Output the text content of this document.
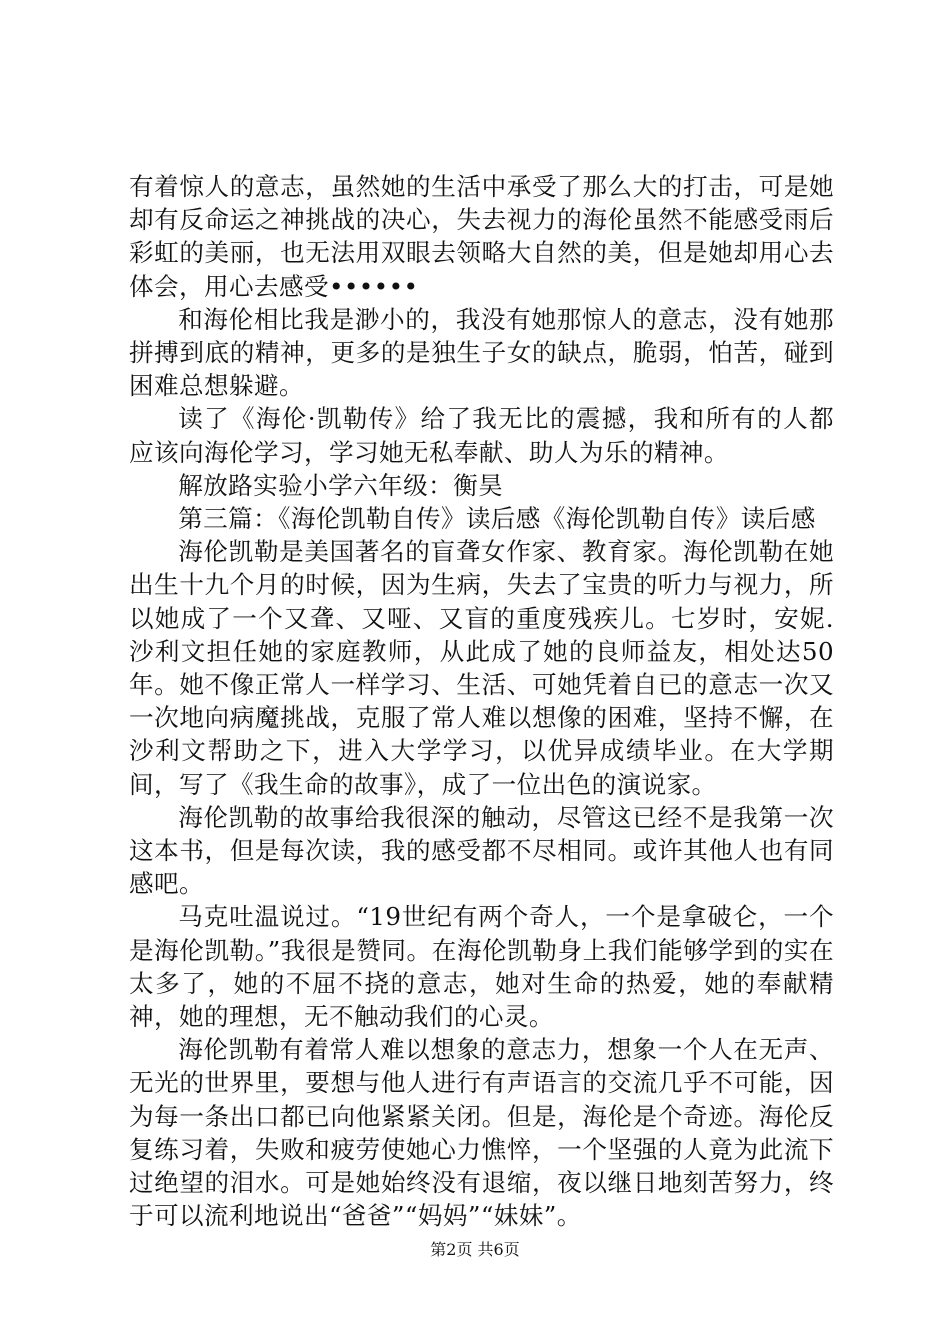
有着惊人的意志，虽然她的生活中承受了那么大的打击，可是她却有反命运之神挑战的决心，失去视力的海伦虽然不能感受雨后彩虹的美丽，也无法用双眼去领略大自然的美，但是她却用心去体会，用心去感受••••••

和海伦相比我是渺小的，我没有她那惊人的意志，没有她那拼搏到底的精神，更多的是独生子女的缺点，脆弱，怕苦，碰到困难总想躲避。

读了《海伦·凯勒传》给了我无比的震撼，我和所有的人都应该向海伦学习，学习她无私奉献、助人为乐的精神。

解放路实验小学六年级：衡昊

第三篇：《海伦凯勒自传》读后感《海伦凯勒自传》读后感

海伦凯勒是美国著名的盲聋女作家、教育家。海伦凯勒在她出生十九个月的时候，因为生病，失去了宝贵的听力与视力，所以她成了一个又聋、又哑、又盲的重度残疾儿。七岁时，安妮.沙利文担任她的家庭教师，从此成了她的良师益友，相处达50年。她不像正常人一样学习、生活、可她凭着自已的意志一次又一次地向病魔挑战，克服了常人难以想像的困难，坚持不懈，在沙利文帮助之下，进入大学学习，以优异成绩毕业。在大学期间，写了《我生命的故事》，成了一位出色的演说家。

海伦凯勒的故事给我很深的触动，尽管这已经不是我第一次这本书，但是每次读，我的感受都不尽相同。或许其他人也有同感吧。

马克吐温说过。“19世纪有两个奇人，一个是拿破仑，一个是海伦凯勒。”我很是赞同。在海伦凯勒身上我们能够学到的实在太多了，她的不屈不挠的意志，她对生命的热爱，她的奉献精神，她的理想，无不触动我们的心灵。

海伦凯勒有着常人难以想象的意志力，想象一个人在无声、无光的世界里，要想与他人进行有声语言的交流几乎不可能，因为每一条出口都已向他紧紧关闭。但是，海伦是个奇迹。海伦反复练习着，失败和疲劳使她心力憔悴，一个坚强的人竟为此流下过绝望的泪水。可是她始终没有退缩，夜以继日地刻苦努力，终于可以流利地说出“爸爸”“妈妈”“妹妹”。

第2页 共6页
